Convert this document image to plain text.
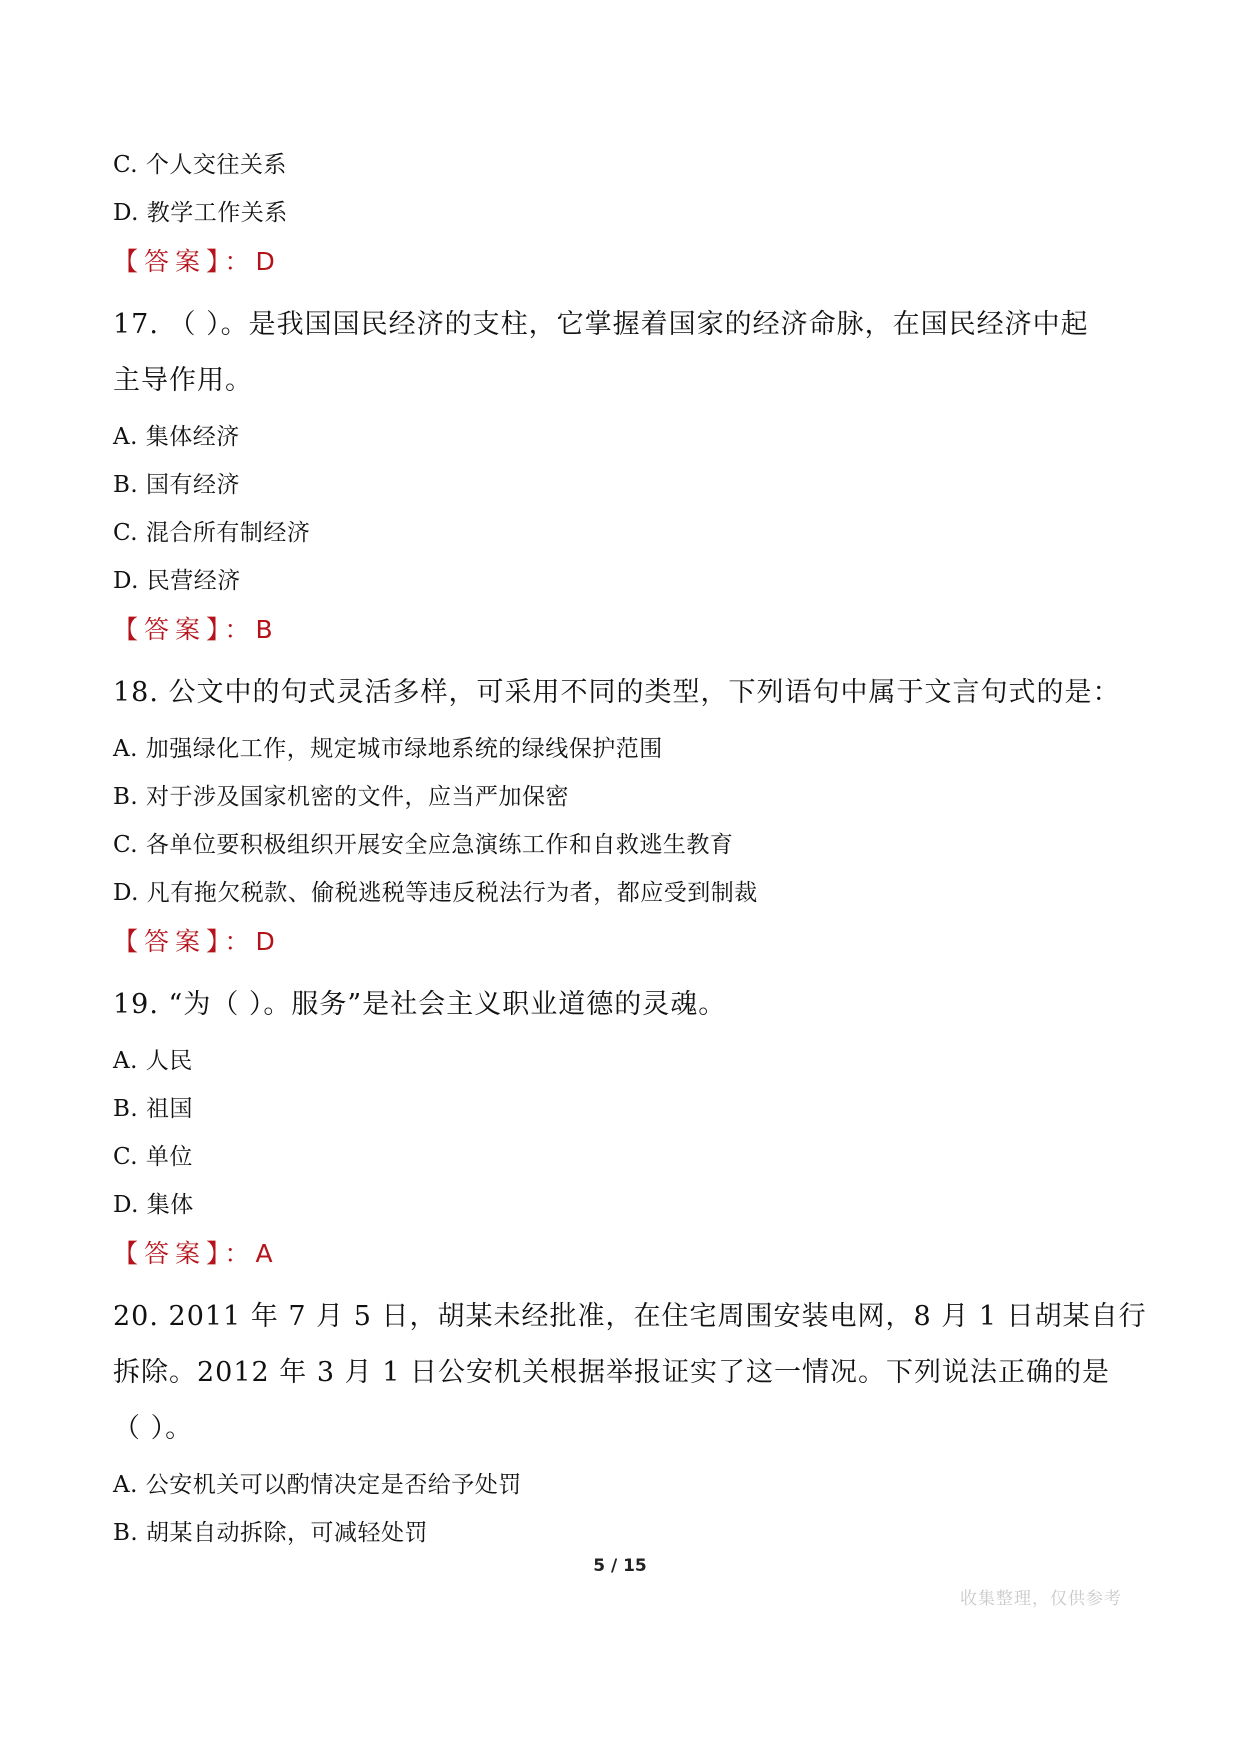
C. 个人交往关系
D. 教学工作关系
【答案】：D
17. （ ）。是我国国民经济的支柱，它掌握着国家的经济命脉，在国民经济中起
主导作用。
A. 集体经济
B. 国有经济
C. 混合所有制经济
D. 民营经济
【答案】：B
18. 公文中的句式灵活多样，可采用不同的类型，下列语句中属于文言句式的是：
A. 加强绿化工作，规定城市绿地系统的绿线保护范围
B. 对于涉及国家机密的文件，应当严加保密
C. 各单位要积极组织开展安全应急演练工作和自救逃生教育
D. 凡有拖欠税款、偷税逃税等违反税法行为者，都应受到制裁
【答案】：D
19. “为（ ）。服务”是社会主义职业道德的灵魂。
A. 人民
B. 祖国
C. 单位
D. 集体
【答案】：A
20. 2011 年 7 月 5 日，胡某未经批准，在住宅周围安装电网，8 月 1 日胡某自行
拆除。2012 年 3 月 1 日公安机关根据举报证实了这一情况。下列说法正确的是
（ ）。
A. 公安机关可以酌情决定是否给予处罚
B. 胡某自动拆除，可减轻处罚
5 / 15
收集整理，仅供参考
